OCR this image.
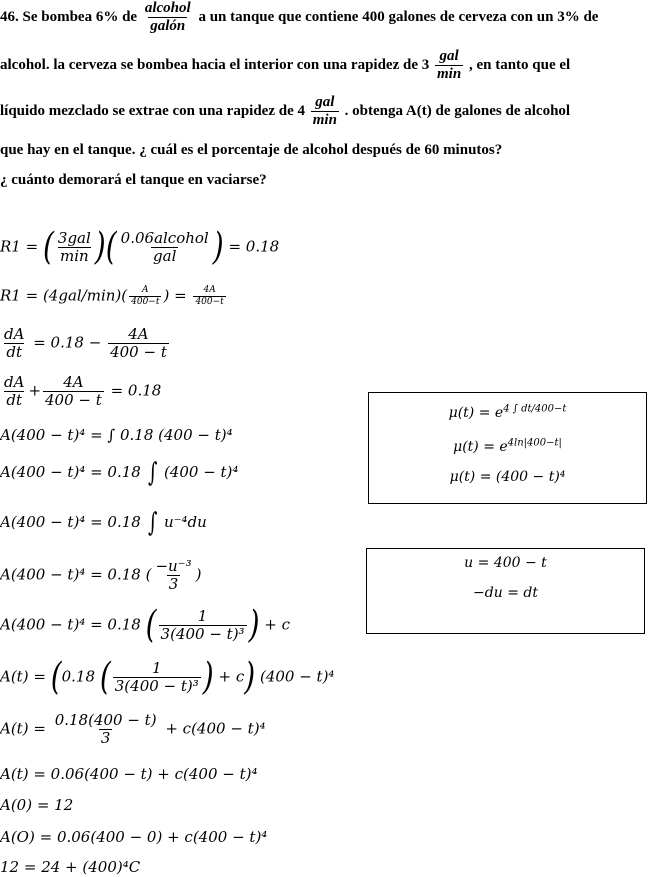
46. Se bombea 6% de $\frac{\text{alcohol}}{\text{galón}}$ a un tanque que contiene 400 galones de cerveza con un 3% de
alcohol. la cerveza se bombea hacia el interior con una rapidez de $3 \frac{\text{gal}}{\min}$ , en tanto que el
líquido mezclado se extrae con una rapidez de $4 \frac{\text{gal}}{\min}$ . obtenga A(t) de galones de alcohol
que hay en el tanque. ¿ cuál es el porcentaje de alcohol después de 60 minutos?
¿ cuánto demorará el tanque en vaciarse?
R1 = ( $\frac{\text{3gal}}{\min}$ )( $\frac{\text{0.06alcohol}}{\text{gal}}$ ) = 0.18
$R1 = (4gal/\min)( \frac{A}{400-t}$ ) = $\frac{4A}{400-t}$
$\frac{dA}{dt} = 0.18 - \frac{4A}{400 - t}$
$\frac{dA}{dt} + \frac{4A}{400 - t} = 0.18$
A(400 − t)⁴ = ∫ 0.18 (400 − t)⁴
A(400 − t)⁴ = 0.18 ∫ (400 − t)⁴
A(400 − t)⁴ = 0.18 ∫ u⁻⁴du
A(400 − t)⁴ = 0.18 ( $\frac{\text{−u⁻³}}{3}$ )
A(400 − t)⁴ = 0.18 ( $\frac{1}{\text{3(400 − t)³}}$ ) + c
A(t) = (0.18 ( $\frac{1}{\text{3(400 − t)³}}$ ) + c) (400 − t)⁴
$A(t) = \frac{0.18(400 - t)}{3} + c(400 - t)^4$
A(t) = 0.06(400 − t) + c(400 − t)⁴
A(0) = 12
A(O) = 0.06(400 − 0) + c(400 − t)⁴
12 = 24 + (400)⁴C
$\mu(t) = e^{4 \int dt/400-t}$
$\mu(t) = e^{4ln|400-t|}$
μ(t) = (400 − t)⁴
u = 400 − t
−du = dt
